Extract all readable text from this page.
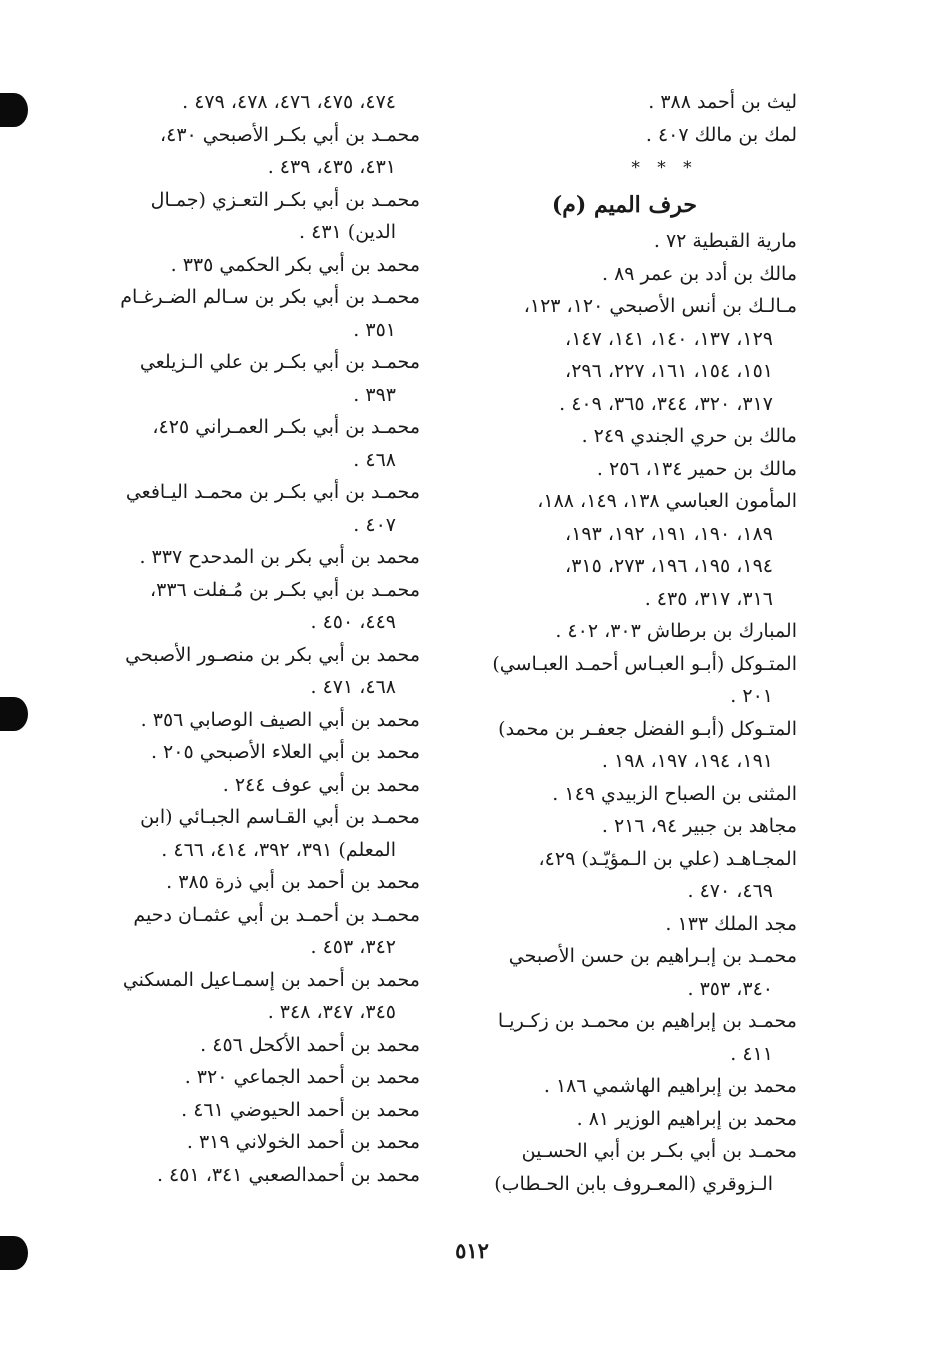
ليث بن أحمد ٣٨٨ .
لمك بن مالك ٤٠٧ .
* * *
حرف الميم (م)
مارية القبطية ٧٢ .
مالك بن أدد بن عمر ٨٩ .
مـالـك بن أنس الأصبحي ١٢٠، ١٢٣،
١٢٩، ١٣٧، ١٤٠، ١٤١، ١٤٧،
١٥١، ١٥٤، ١٦١، ٢٢٧، ٢٩٦،
٣١٧، ٣٢٠، ٣٤٤، ٣٦٥، ٤٠٩ .
مالك بن حري الجندي ٢٤٩ .
مالك بن حمير ١٣٤، ٢٥٦ .
المأمون العباسي ١٣٨، ١٤٩، ١٨٨،
١٨٩، ١٩٠، ١٩١، ١٩٢، ١٩٣،
١٩٤، ١٩٥، ١٩٦، ٢٧٣، ٣١٥،
٣١٦، ٣١٧، ٤٣٥ .
المبارك بن برطاش ٣٠٣، ٤٠٢ .
المتـوكل (أبـو العبـاس أحمـد العبـاسي)
٢٠١ .
المتـوكل (أبـو الفضل جعفـر بن محمد)
١٩١، ١٩٤، ١٩٧، ١٩٨ .
المثنى بن الصباح الزبيدي ١٤٩ .
مجاهد بن جبير ٩٤، ٢١٦ .
المجـاهـد (علي بن الـمؤيّـد) ٤٢٩،
٤٦٩، ٤٧٠ .
مجد الملك ١٣٣ .
محمـد بن إبـراهيم بن حسن الأصبحي
٣٤٠، ٣٥٣ .
محمـد بن إبراهيم بن محمـد بن زكـريـا
٤١١ .
محمد بن إبراهيم الهاشمي ١٨٦ .
محمد بن إبراهيم الوزير ٨١ .
محمـد بن أبي بكـر بن أبي الحسـين
الـزوقري (المعـروف بابن الحـطاب)
٤٧٤، ٤٧٥، ٤٧٦، ٤٧٨، ٤٧٩ .
محمـد بن أبي بكـر الأصبحي ٤٣٠،
٤٣١، ٤٣٥، ٤٣٩ .
محمـد بن أبي بكـر التعـزي (جمـال
الدين) ٤٣١ .
محمد بن أبي بكر الحكمي ٣٣٥ .
محمـد بن أبي بكر بن سـالم الضـرغـام
٣٥١ .
محمـد بن أبي بكـر بن علي الـزيلعي
٣٩٣ .
محمـد بن أبي بكـر العمـراني ٤٢٥،
٤٦٨ .
محمـد بن أبي بكـر بن محمـد اليـافعي
٤٠٧ .
محمد بن أبي بكر بن المدحدح ٣٣٧ .
محمـد بن أبي بكـر بن مُـفلت ٣٣٦،
٤٤٩، ٤٥٠ .
محمد بن أبي بكر بن منصـور الأصبحي
٤٦٨، ٤٧١ .
محمد بن أبي الصيف الوصابي ٣٥٦ .
محمد بن أبي العلاء الأصبحي ٢٠٥ .
محمد بن أبي عوف ٢٤٤ .
محمـد بن أبي القـاسم الجبـائي (ابن
المعلم) ٣٩١، ٣٩٢، ٤١٤، ٤٦٦ .
محمد بن أحمد بن أبي ذرة ٣٨٥ .
محمـد بن أحمـد بن أبي عثمـان دحيم
٣٤٢، ٤٥٣ .
محمد بن أحمد بن إسمـاعيل المسكني
٣٤٥، ٣٤٧، ٣٤٨ .
محمد بن أحمد الأكحل ٤٥٦ .
محمد بن أحمد الجماعي ٣٢٠ .
محمد بن أحمد الحيوضي ٤٦١ .
محمد بن أحمد الخولاني ٣١٩ .
محمد بن أحمدالصعبي ٣٤١، ٤٥١ .
٥١٢
